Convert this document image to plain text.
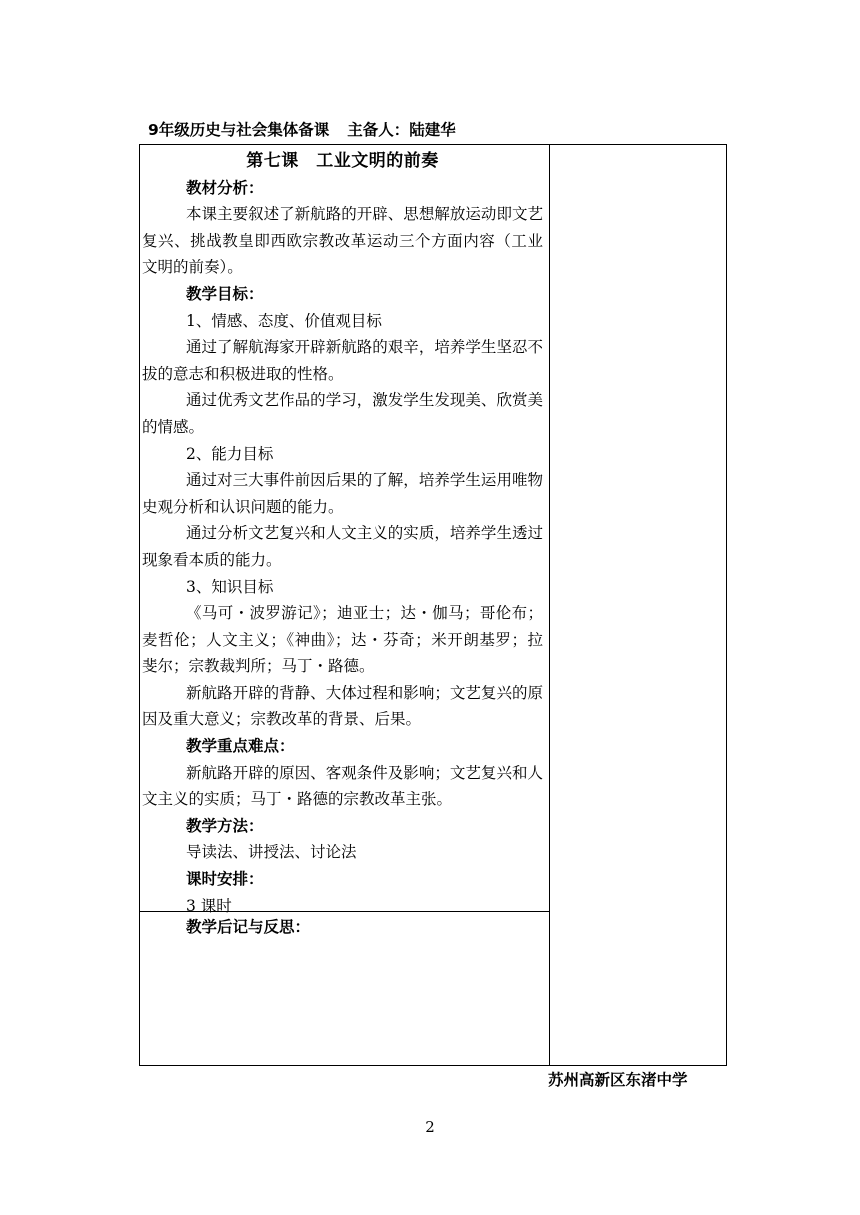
9年级历史与社会集体备课 主备人：陆建华

第七课　工业文明的前奏

教材分析：

本课主要叙述了新航路的开辟、思想解放运动即文艺复兴、挑战教皇即西欧宗教改革运动三个方面内容（工业文明的前奏）。

教学目标：

1、情感、态度、价值观目标

通过了解航海家开辟新航路的艰辛，培养学生坚忍不拔的意志和积极进取的性格。

通过优秀文艺作品的学习，激发学生发现美、欣赏美的情感。

2、能力目标

通过对三大事件前因后果的了解，培养学生运用唯物史观分析和认识问题的能力。

通过分析文艺复兴和人文主义的实质，培养学生透过现象看本质的能力。

3、知识目标

《马可・波罗游记》；迪亚士；达・伽马；哥伦布；麦哲伦；人文主义；《神曲》；达・芬奇；米开朗基罗；拉斐尔；宗教裁判所；马丁・路德。

新航路开辟的背静、大体过程和影响；文艺复兴的原因及重大意义；宗教改革的背景、后果。

教学重点难点：

新航路开辟的原因、客观条件及影响；文艺复兴和人文主义的实质；马丁・路德的宗教改革主张。

教学方法：

导读法、讲授法、讨论法

课时安排：

3 课时

教学后记与反思：
苏州高新区东渚中学
2
